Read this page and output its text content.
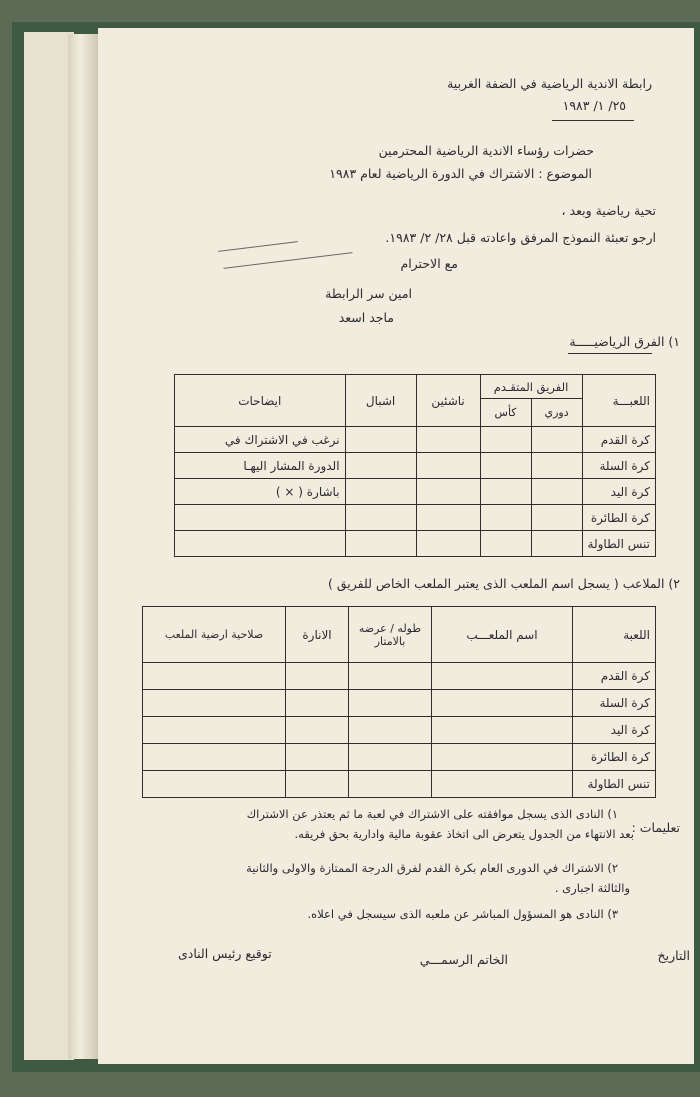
رابطة الاندية الرياضية في الضفة الغربية
٢٥/ ١/ ١٩٨٣
حضرات رؤساء الاندية الرياضية المحترمين
الموضوع : الاشتراك في الدورة الرياضية لعام ١٩٨٣
تحية رياضية وبعد ،
ارجو تعبئة النموذج المرفق واعادته قبل ٢٨/ ٢/ ١٩٨٣.
مع الاحترام
امين سر الرابطة
ماجد اسعد
١) الفرق الرياضيـــــة
اللعبـــة	الفريق المتقـدم		ناشئين	اشبال	ايضاحات
	دوري	كأس			
كرة القدم					نرغب في الاشتراك في
كرة السلة					الدورة المشار اليهـا
كرة اليد					باشارة ( × )
كرة الطائرة					
تنس الطاولة					
٢) الملاعب ( يسجل اسم الملعب الذى يعتبر الملعب الخاص للفريق )
اللعبة	اسم الملعـــب	طوله / عرضه بالامتار	الانارة	صلاحية ارضية الملعب
كرة القدم				
كرة السلة				
كرة اليد				
كرة الطائرة				
تنس الطاولة				
تعليمات :
١) النادى الذى يسجل موافقته على الاشتراك في لعبة ما ثم يعتذر عن الاشتراك
بعد الانتهاء من الجدول يتعرض الى اتخاذ عقوبة مالية وادارية بحق فريقه.
٢) الاشتراك في الدورى العام بكرة القدم لفرق الدرجة الممتازة والاولى والثانية
والثالثة اجبارى .
٣) النادى هو المسؤول المباشر عن ملعبه الذى سيسجل في اعلاه.
توقيع رئيس النادى	الخاتم الرسمـــي	التاريخ
